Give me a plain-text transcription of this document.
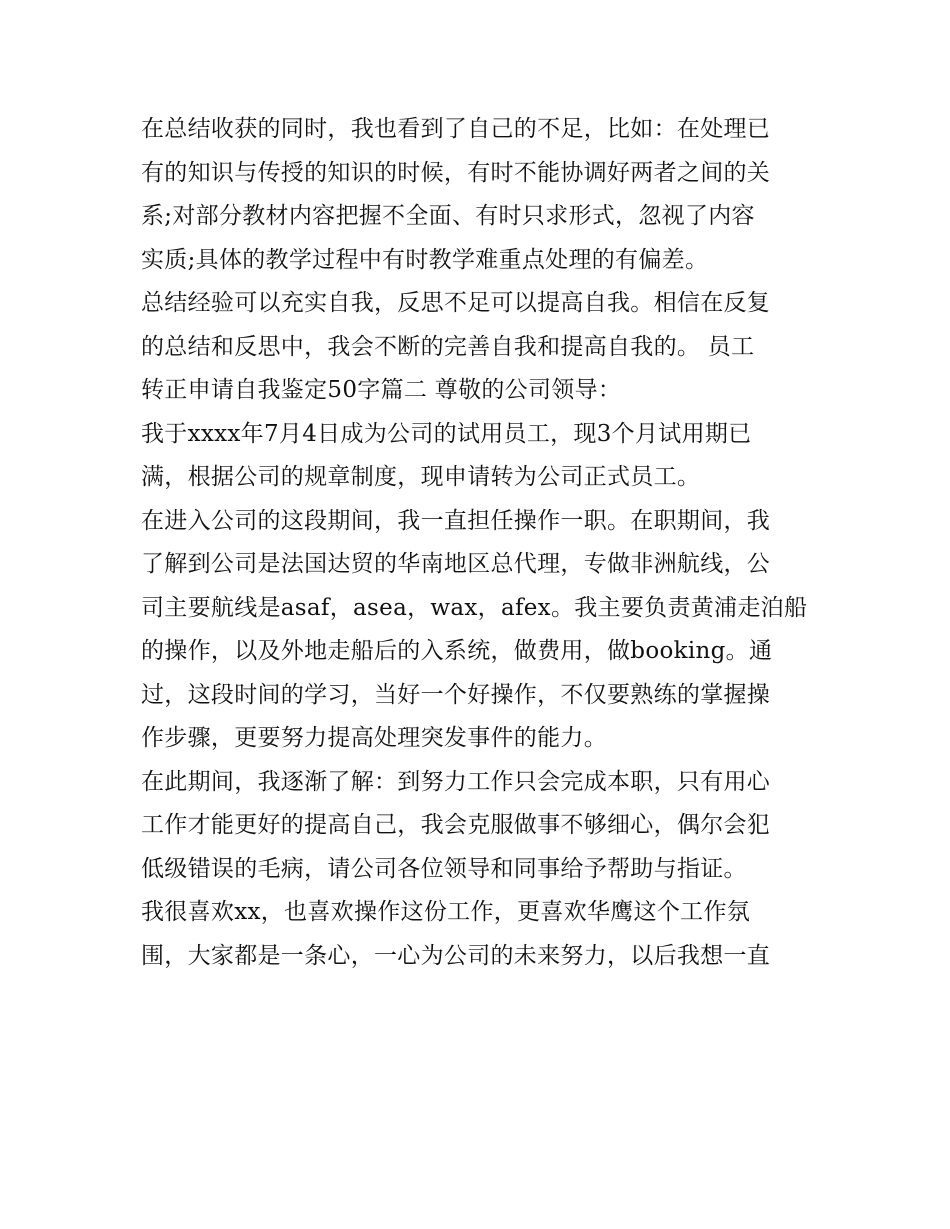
在总结收获的同时，我也看到了自己的不足，比如：在处理已
有的知识与传授的知识的时候，有时不能协调好两者之间的关
系;对部分教材内容把握不全面、有时只求形式，忽视了内容
实质;具体的教学过程中有时教学难重点处理的有偏差。
总结经验可以充实自我，反思不足可以提高自我。相信在反复
的总结和反思中，我会不断的完善自我和提高自我的。 员工
转正申请自我鉴定50字篇二 尊敬的公司领导：
我于xxxx年7月4日成为公司的试用员工，现3个月试用期已
满，根据公司的规章制度，现申请转为公司正式员工。
在进入公司的这段期间，我一直担任操作一职。在职期间，我
了解到公司是法国达贸的华南地区总代理，专做非洲航线，公
司主要航线是asaf，asea，wax，afex。我主要负责黄浦走泊船
的操作，以及外地走船后的入系统，做费用，做booking。通
过，这段时间的学习，当好一个好操作，不仅要熟练的掌握操
作步骤，更要努力提高处理突发事件的能力。
在此期间，我逐渐了解：到努力工作只会完成本职，只有用心
工作才能更好的提高自己，我会克服做事不够细心，偶尔会犯
低级错误的毛病，请公司各位领导和同事给予帮助与指证。
我很喜欢xx，也喜欢操作这份工作，更喜欢华鹰这个工作氛
围，大家都是一条心，一心为公司的未来努力，以后我想一直
